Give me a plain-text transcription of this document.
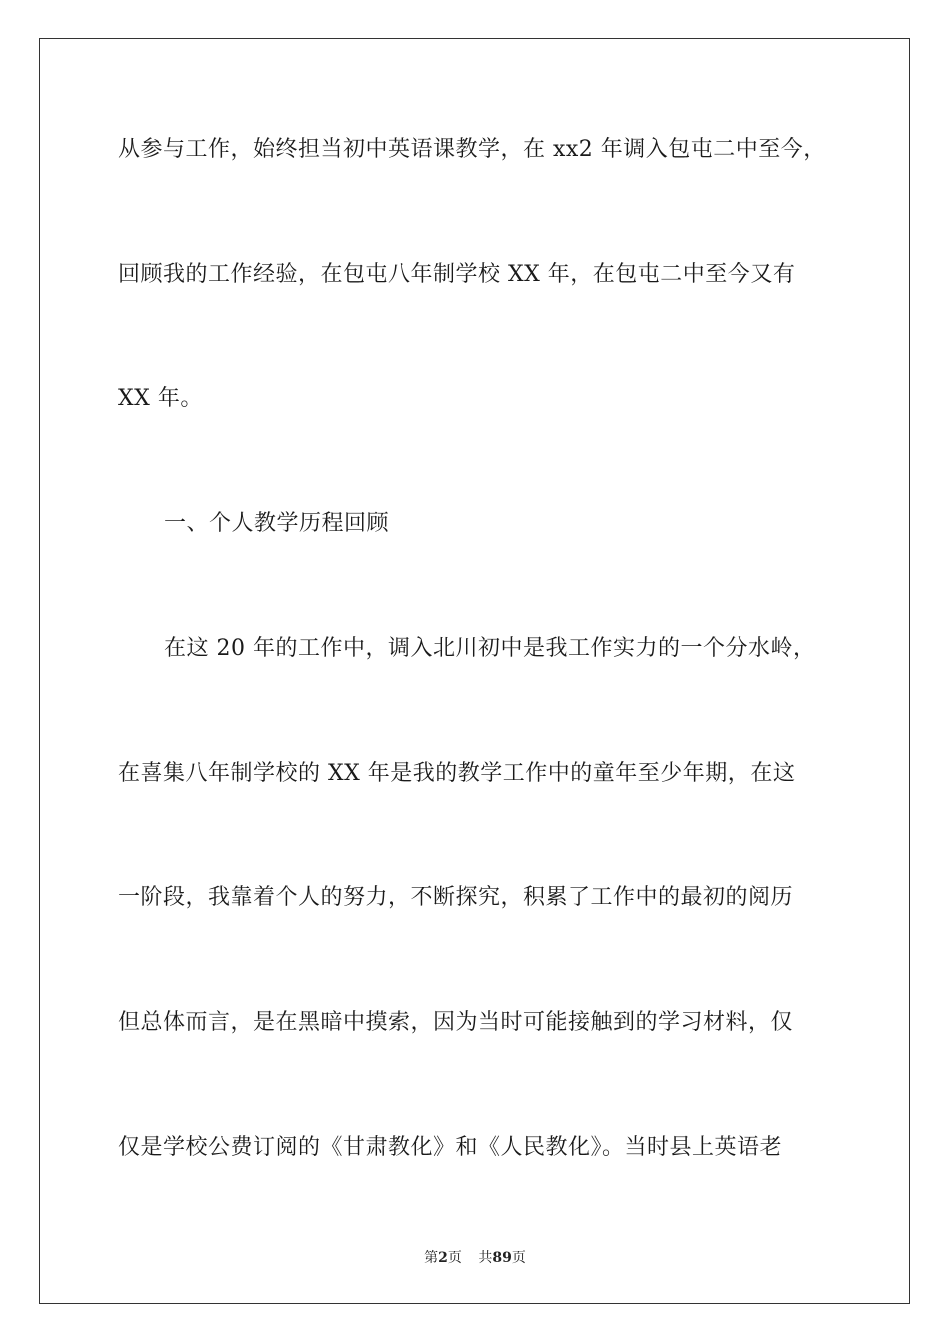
从参与工作，始终担当初中英语课教学，在 xx2 年调入包屯二中至今，
回顾我的工作经验，在包屯八年制学校 XX 年，在包屯二中至今又有
XX 年。
一、个人教学历程回顾
在这 20 年的工作中，调入北川初中是我工作实力的一个分水岭，
在喜集八年制学校的 XX 年是我的教学工作中的童年至少年期，在这
一阶段，我靠着个人的努力，不断探究，积累了工作中的最初的阅历
但总体而言，是在黑暗中摸索，因为当时可能接触到的学习材料，仅
仅是学校公费订阅的《甘肃教化》和《人民教化》。当时县上英语老
第2页 共89页
